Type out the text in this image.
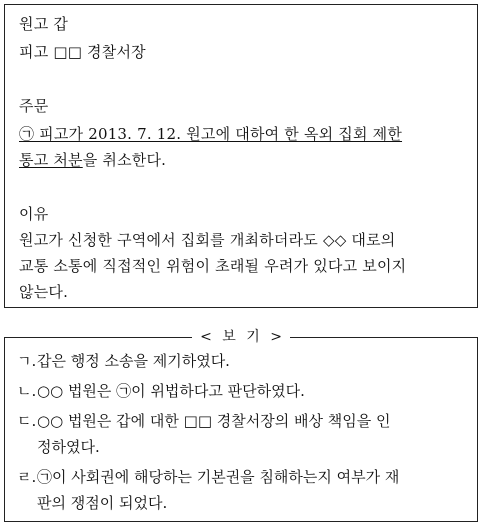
원고 갑
피고 □□ 경찰서장
주문
㉠ 피고가 2013. 7. 12. 원고에 대하여 한 옥외 집회 제한
통고 처분을 취소한다.
이유
원고가 신청한 구역에서 집회를 개최하더라도 ◇◇ 대로의
교통 소통에 직접적인 위험이 초래될 우려가 있다고 보이지
않는다.
< 보 기 >
ㄱ.갑은 행정 소송을 제기하였다.
ㄴ.○○ 법원은 ㉠이 위법하다고 판단하였다.
ㄷ.○○ 법원은 갑에 대한 □□ 경찰서장의 배상 책임을 인
정하였다.
ㄹ.㉠이 사회권에 해당하는 기본권을 침해하는지 여부가 재
판의 쟁점이 되었다.
